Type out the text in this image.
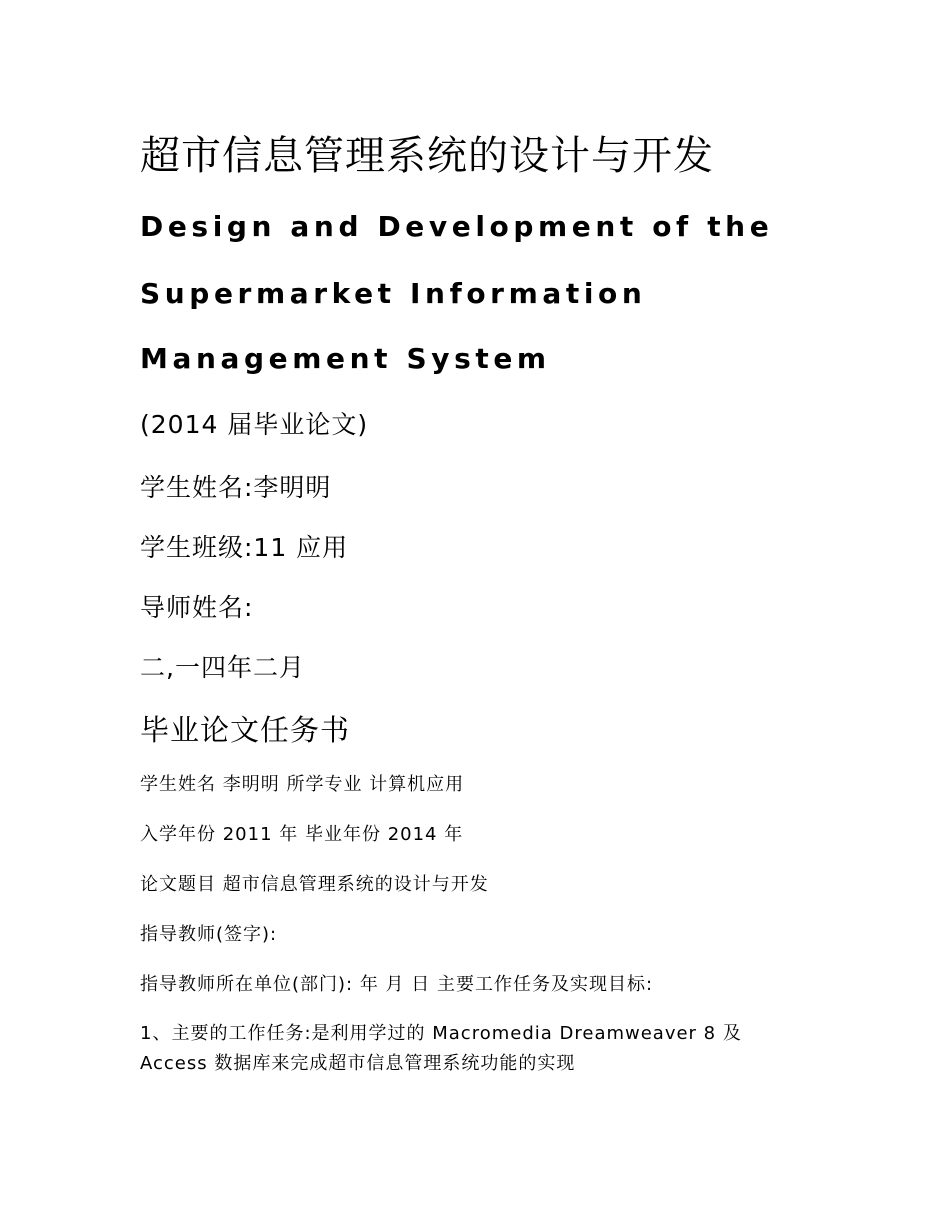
超市信息管理系统的设计与开发
Design and Development of the
Supermarket Information
Management System
(2014 届毕业论文)
学生姓名:李明明
学生班级:11 应用
导师姓名:
二,一四年二月
毕业论文任务书
学生姓名 李明明 所学专业 计算机应用
入学年份 2011 年 毕业年份 2014 年
论文题目 超市信息管理系统的设计与开发
指导教师(签字):
指导教师所在单位(部门): 年 月 日 主要工作任务及实现目标:
1、主要的工作任务:是利用学过的 Macromedia Dreamweaver 8 及
Access 数据库来完成超市信息管理系统功能的实现
